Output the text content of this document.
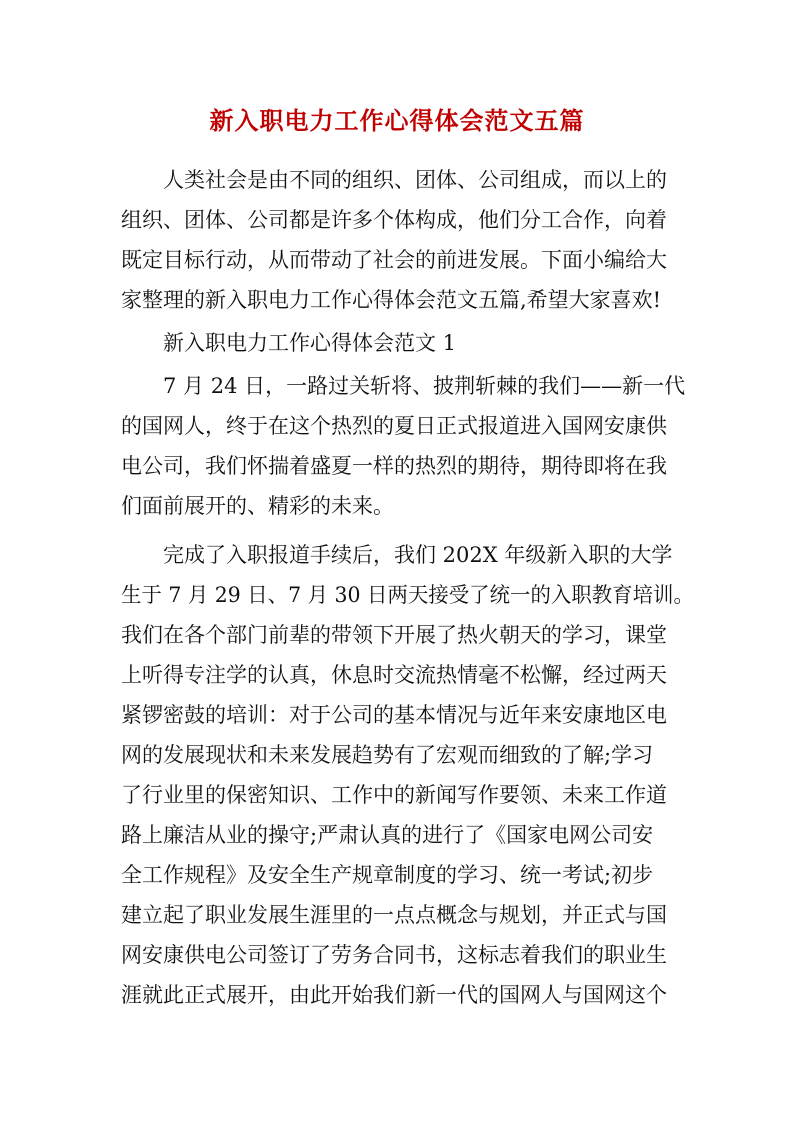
新入职电力工作心得体会范文五篇
人类社会是由不同的组织、团体、公司组成，而以上的
组织、团体、公司都是许多个体构成，他们分工合作，向着
既定目标行动，从而带动了社会的前进发展。下面小编给大
家整理的新入职电力工作心得体会范文五篇,希望大家喜欢!
新入职电力工作心得体会范文 1
7 月 24 日，一路过关斩将、披荆斩棘的我们——新一代
的国网人，终于在这个热烈的夏日正式报道进入国网安康供
电公司，我们怀揣着盛夏一样的热烈的期待，期待即将在我
们面前展开的、精彩的未来。
完成了入职报道手续后，我们 202X 年级新入职的大学
生于 7 月 29 日、7 月 30 日两天接受了统一的入职教育培训。
我们在各个部门前辈的带领下开展了热火朝天的学习，课堂
上听得专注学的认真，休息时交流热情毫不松懈，经过两天
紧锣密鼓的培训：对于公司的基本情况与近年来安康地区电
网的发展现状和未来发展趋势有了宏观而细致的了解;学习
了行业里的保密知识、工作中的新闻写作要领、未来工作道
路上廉洁从业的操守;严肃认真的进行了《国家电网公司安
全工作规程》及安全生产规章制度的学习、统一考试;初步
建立起了职业发展生涯里的一点点概念与规划，并正式与国
网安康供电公司签订了劳务合同书，这标志着我们的职业生
涯就此正式展开，由此开始我们新一代的国网人与国网这个
